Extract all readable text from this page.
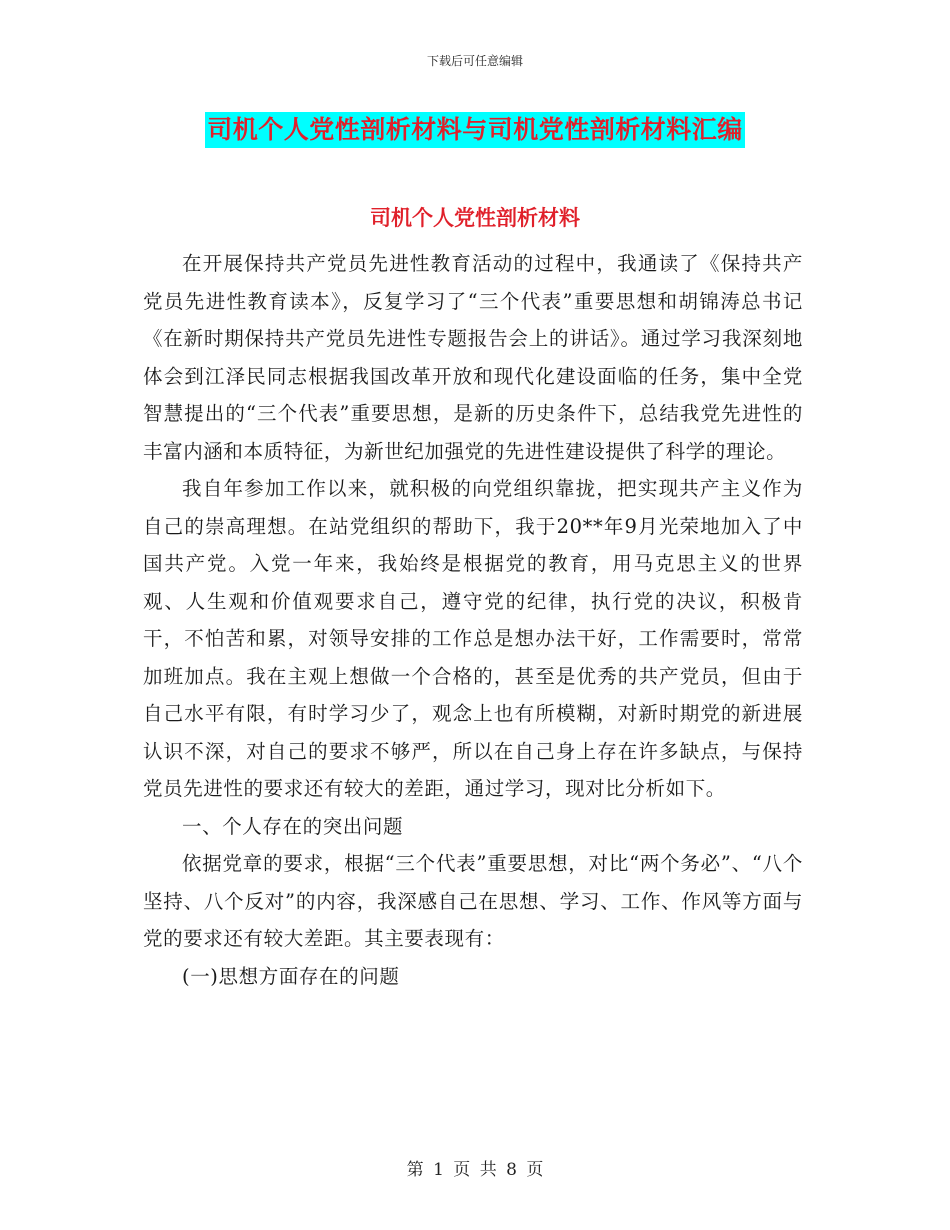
下载后可任意编辑
司机个人党性剖析材料与司机党性剖析材料汇编
司机个人党性剖析材料

在开展保持共产党员先进性教育活动的过程中，我通读了《保持共产党员先进性教育读本》，反复学习了“三个代表”重要思想和胡锦涛总书记《在新时期保持共产党员先进性专题报告会上的讲话》。通过学习我深刻地体会到江泽民同志根据我国改革开放和现代化建设面临的任务，集中全党智慧提出的“三个代表”重要思想，是新的历史条件下，总结我党先进性的丰富内涵和本质特征，为新世纪加强党的先进性建设提供了科学的理论。

我自年参加工作以来，就积极的向党组织靠拢，把实现共产主义作为自己的崇高理想。在站党组织的帮助下，我于20**年9月光荣地加入了中国共产党。入党一年来，我始终是根据党的教育，用马克思主义的世界观、人生观和价值观要求自己，遵守党的纪律，执行党的决议，积极肯干，不怕苦和累，对领导安排的工作总是想办法干好，工作需要时，常常加班加点。我在主观上想做一个合格的，甚至是优秀的共产党员，但由于自己水平有限，有时学习少了，观念上也有所模糊，对新时期党的新进展认识不深，对自己的要求不够严，所以在自己身上存在许多缺点，与保持党员先进性的要求还有较大的差距，通过学习，现对比分析如下。

一、个人存在的突出问题

依据党章的要求，根据“三个代表”重要思想，对比“两个务必”、“八个坚持、八个反对”的内容，我深感自己在思想、学习、工作、作风等方面与党的要求还有较大差距。其主要表现有：

(一)思想方面存在的问题

第 1 页 共 8 页
